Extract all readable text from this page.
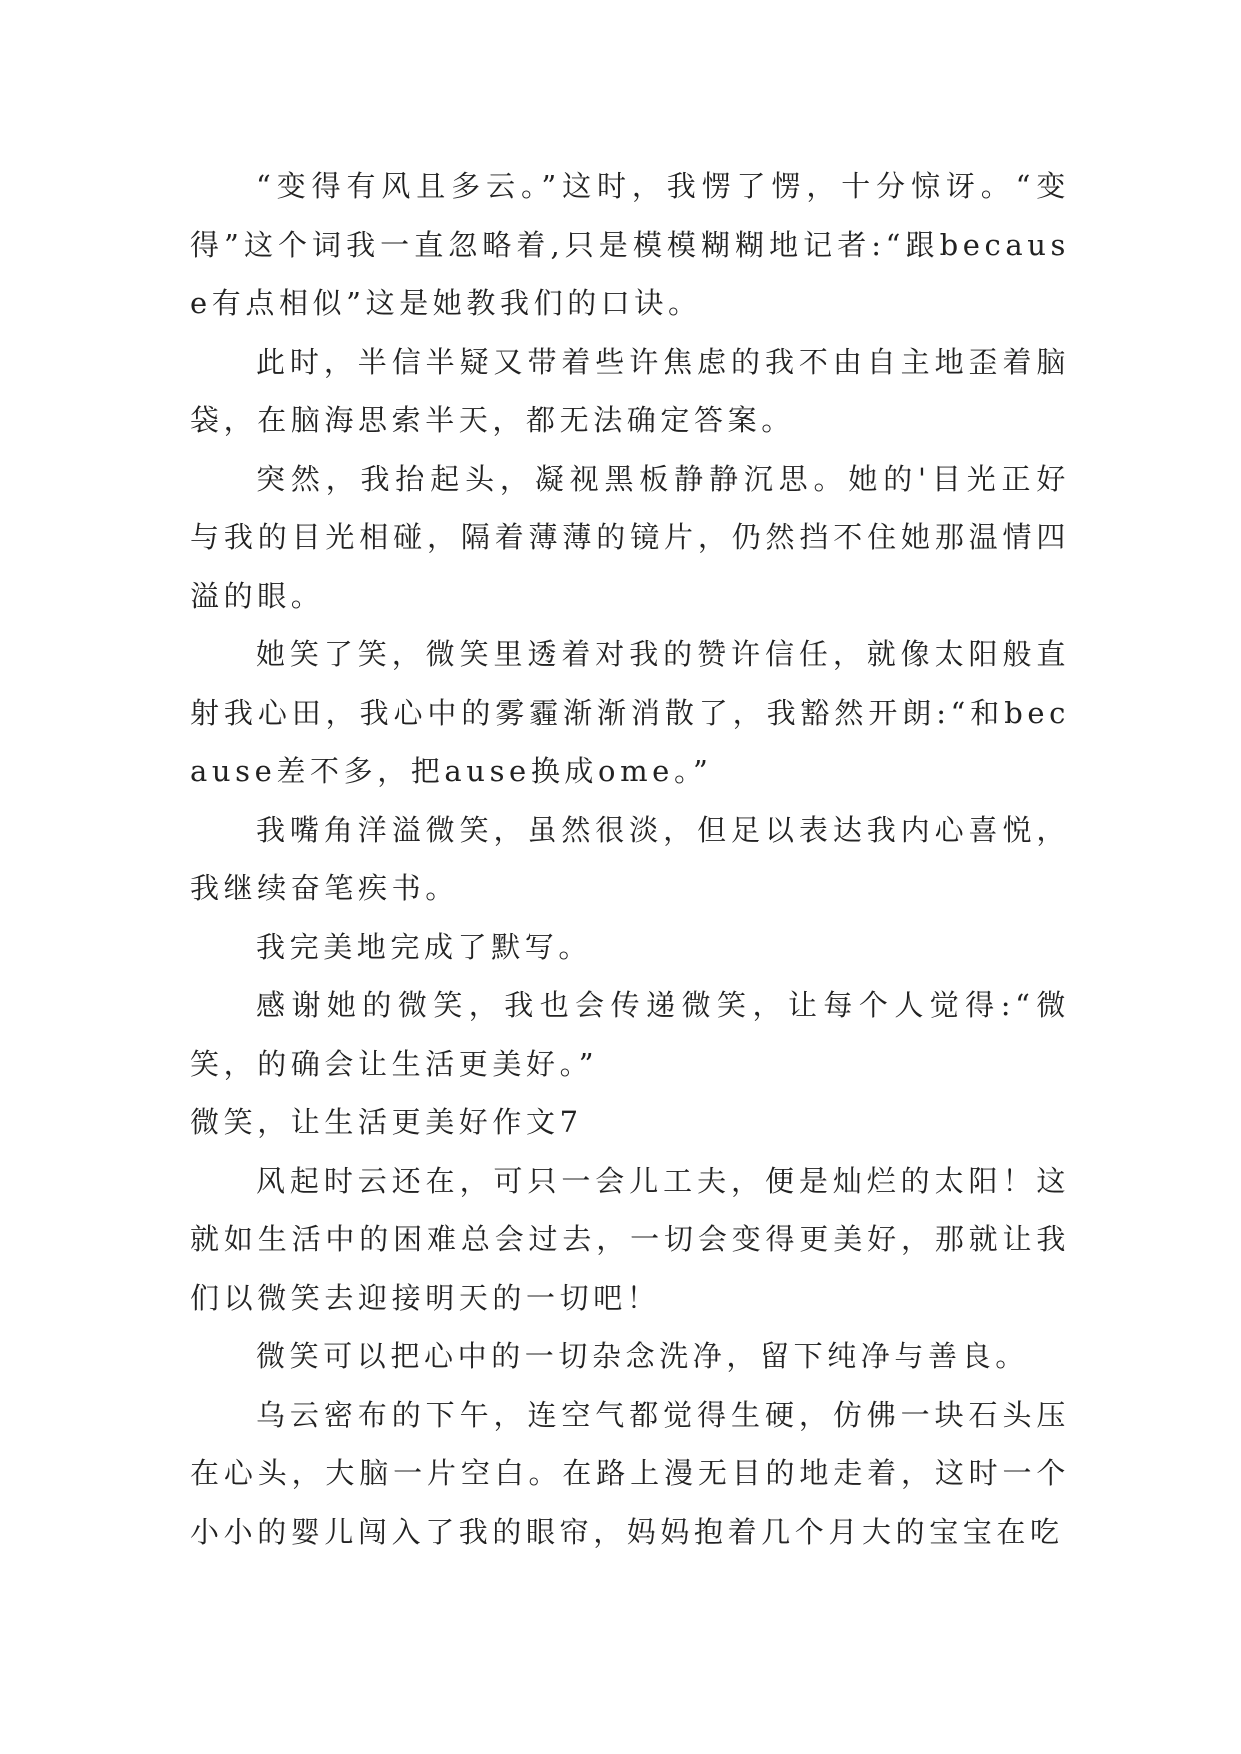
“变得有风且多云。”这时，我愣了愣，十分惊讶。“变得”这个词我一直忽略着,只是模模糊糊地记者:“跟because有点相似”这是她教我们的口诀。

此时，半信半疑又带着些许焦虑的我不由自主地歪着脑袋，在脑海思索半天，都无法确定答案。

突然，我抬起头，凝视黑板静静沉思。她的'目光正好与我的目光相碰，隔着薄薄的镜片，仍然挡不住她那温情四溢的眼。

她笑了笑，微笑里透着对我的赞许信任，就像太阳般直射我心田，我心中的雾霾渐渐消散了，我豁然开朗:“和because差不多，把ause换成ome。”

我嘴角洋溢微笑，虽然很淡，但足以表达我内心喜悦，我继续奋笔疾书。

我完美地完成了默写。

感谢她的微笑，我也会传递微笑，让每个人觉得:“微笑，的确会让生活更美好。”

微笑，让生活更美好作文7

风起时云还在，可只一会儿工夫，便是灿烂的太阳！这就如生活中的困难总会过去，一切会变得更美好，那就让我们以微笑去迎接明天的一切吧！

微笑可以把心中的一切杂念洗净，留下纯净与善良。

乌云密布的下午，连空气都觉得生硬，仿佛一块石头压在心头，大脑一片空白。在路上漫无目的地走着，这时一个小小的婴儿闯入了我的眼帘，妈妈抱着几个月大的宝宝在吃
